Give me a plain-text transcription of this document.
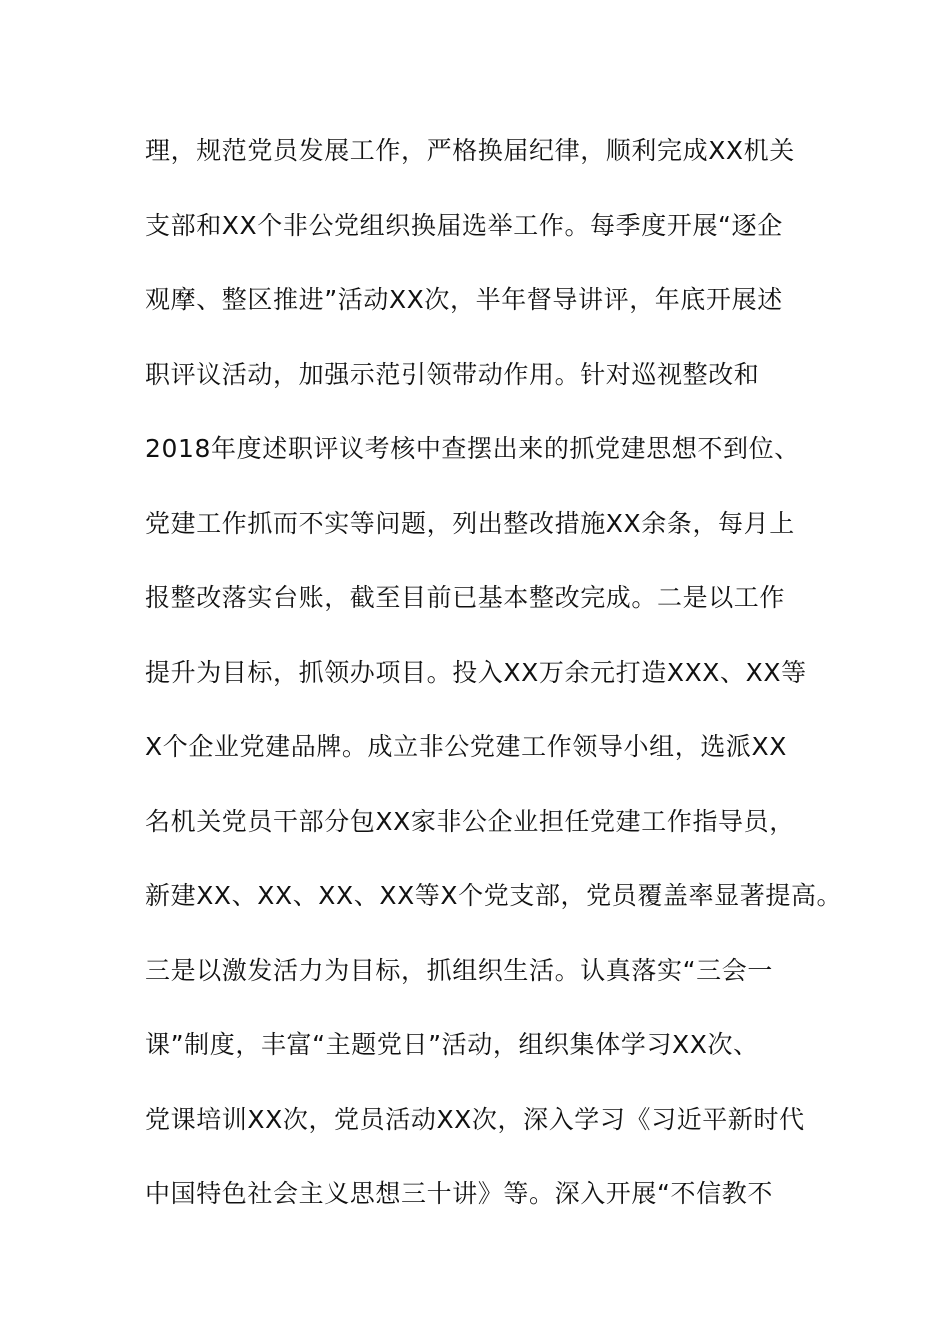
理，规范党员发展工作，严格换届纪律，顺利完成XX机关
支部和XX个非公党组织换届选举工作。每季度开展“逐企
观摩、整区推进”活动XX次，半年督导讲评，年底开展述
职评议活动，加强示范引领带动作用。针对巡视整改和
2018年度述职评议考核中查摆出来的抓党建思想不到位、
党建工作抓而不实等问题，列出整改措施XX余条，每月上
报整改落实台账，截至目前已基本整改完成。二是以工作
提升为目标，抓领办项目。投入XX万余元打造XXX、XX等
X个企业党建品牌。成立非公党建工作领导小组，选派XX
名机关党员干部分包XX家非公企业担任党建工作指导员，
新建XX、XX、XX、XX等X个党支部，党员覆盖率显著提高。
三是以激发活力为目标，抓组织生活。认真落实“三会一
课”制度，丰富“主题党日”活动，组织集体学习XX次、
党课培训XX次，党员活动XX次，深入学习《习近平新时代
中国特色社会主义思想三十讲》等。深入开展“不信教不
